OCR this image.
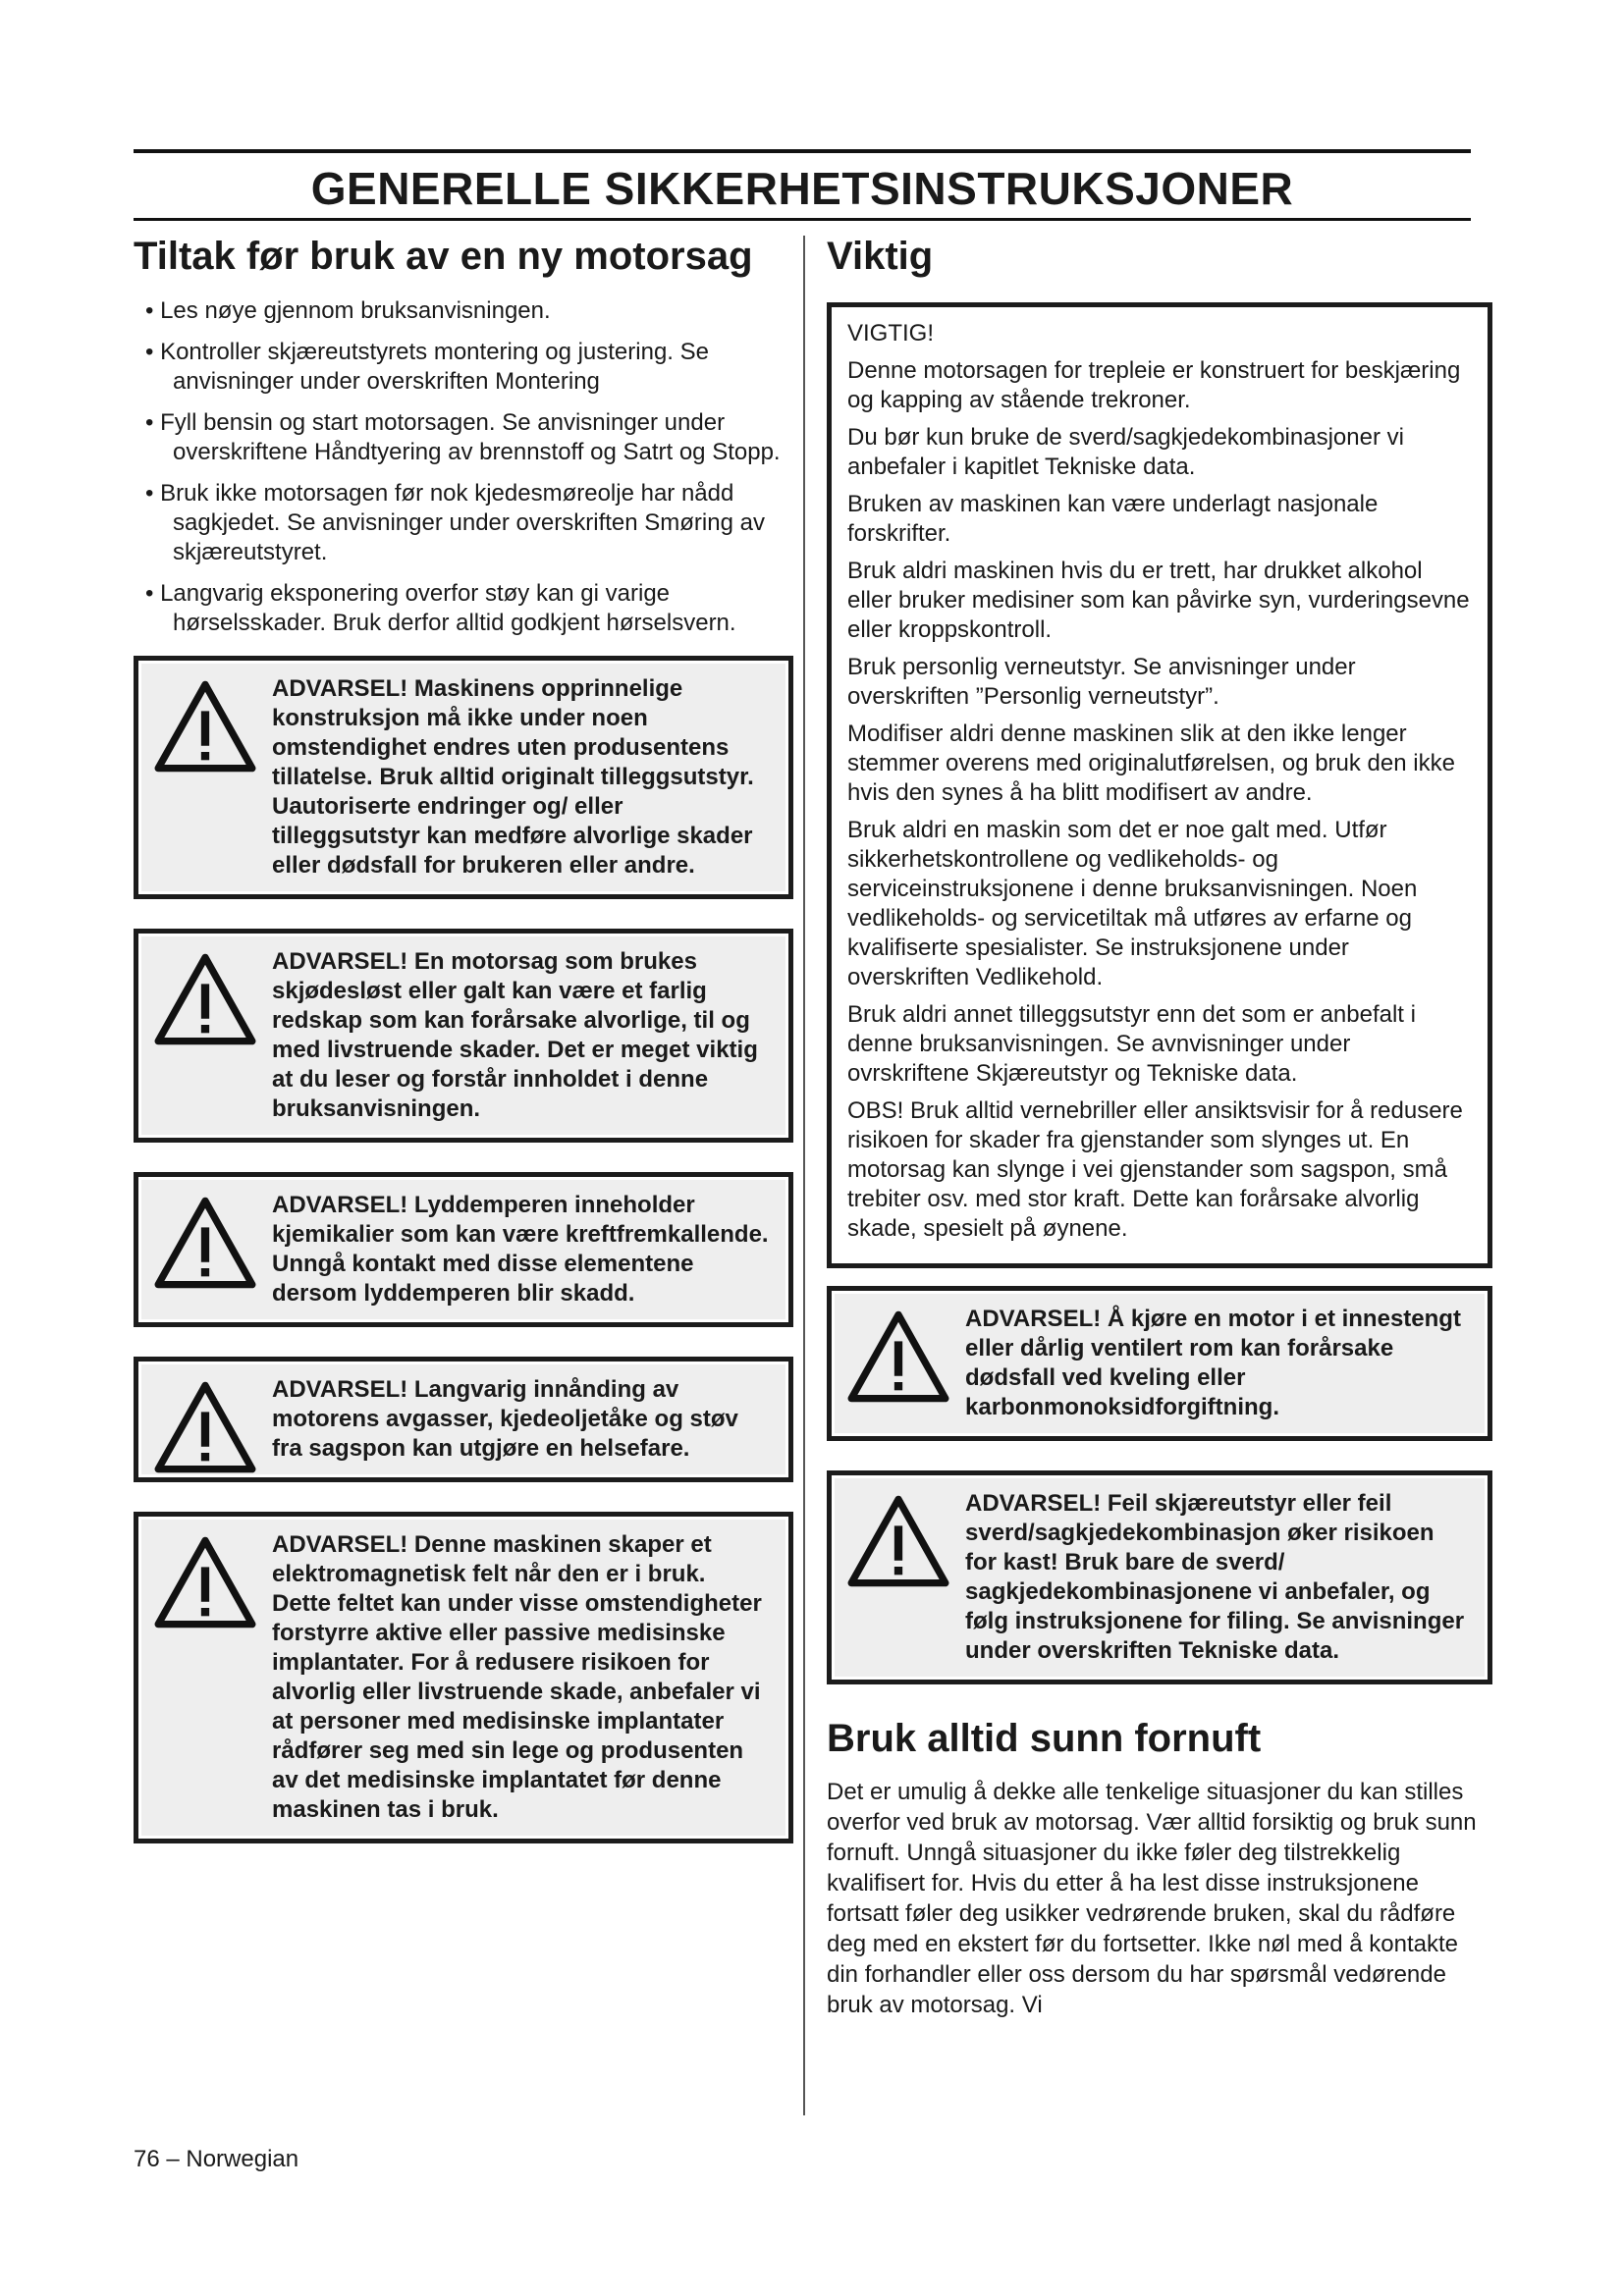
GENERELLE SIKKERHETSINSTRUKSJONER
Tiltak før bruk av en ny motorsag
• Les nøye gjennom bruksanvisningen.
• Kontroller skjæreutstyrets montering og justering. Se anvisninger under overskriften Montering
• Fyll bensin og start motorsagen. Se anvisninger under overskriftene Håndtyering av brennstoff og Satrt og Stopp.
• Bruk ikke motorsagen før nok kjedesmøreolje har nådd sagkjedet. Se anvisninger under overskriften Smøring av skjæreutstyret.
• Langvarig eksponering overfor støy kan gi varige hørselsskader. Bruk derfor alltid godkjent hørselsvern.

ADVARSEL! Maskinens opprinnelige konstruksjon må ikke under noen omstendighet endres uten produsentens tillatelse. Bruk alltid originalt tilleggsutstyr. Uautoriserte endringer og/ eller tilleggsutstyr kan medføre alvorlige skader eller dødsfall for brukeren eller andre.

ADVARSEL! En motorsag som brukes skjødesløst eller galt kan være et farlig redskap som kan forårsake alvorlige, til og med livstruende skader. Det er meget viktig at du leser og forstår innholdet i denne bruksanvisningen.

ADVARSEL! Lyddemperen inneholder kjemikalier som kan være kreftfremkallende. Unngå kontakt med disse elementene dersom lyddemperen blir skadd.

ADVARSEL! Langvarig innånding av motorens avgasser, kjedeoljetåke og støv fra sagspon kan utgjøre en helsefare.

ADVARSEL! Denne maskinen skaper et elektromagnetisk felt når den er i bruk. Dette feltet kan under visse omstendigheter forstyrre aktive eller passive medisinske implantater. For å redusere risikoen for alvorlig eller livstruende skade, anbefaler vi at personer med medisinske implantater rådfører seg med sin lege og produsenten av det medisinske implantatet før denne maskinen tas i bruk.

Viktig

VIGTIG!

Denne motorsagen for trepleie er konstruert for beskjæring og kapping av stående trekroner.

Du bør kun bruke de sverd/sagkjedekombinasjoner vi anbefaler i kapitlet Tekniske data.

Bruken av maskinen kan være underlagt nasjonale forskrifter.

Bruk aldri maskinen hvis du er trett, har drukket alkohol eller bruker medisiner som kan påvirke syn, vurderingsevne eller kroppskontroll.

Bruk personlig verneutstyr. Se anvisninger under overskriften ”Personlig verneutstyr”.

Modifiser aldri denne maskinen slik at den ikke lenger stemmer overens med originalutførelsen, og bruk den ikke hvis den synes å ha blitt modifisert av andre.

Bruk aldri en maskin som det er noe galt med. Utfør sikkerhetskontrollene og vedlikeholds- og serviceinstruksjonene i denne bruksanvisningen. Noen vedlikeholds- og servicetiltak må utføres av erfarne og kvalifiserte spesialister. Se instruksjonene under overskriften Vedlikehold.

Bruk aldri annet tilleggsutstyr enn det som er anbefalt i denne bruksanvisningen. Se avnvisninger under ovrskriftene Skjæreutstyr og Tekniske data.

OBS! Bruk alltid vernebriller eller ansiktsvisir for å redusere risikoen for skader fra gjenstander som slynges ut. En motorsag kan slynge i vei gjenstander som sagspon, små trebiter osv. med stor kraft. Dette kan forårsake alvorlig skade, spesielt på øynene.

ADVARSEL! Å kjøre en motor i et innestengt eller dårlig ventilert rom kan forårsake dødsfall ved kveling eller karbonmonoksidforgiftning.

ADVARSEL! Feil skjæreutstyr eller feil sverd/sagkjedekombinasjon øker risikoen for kast! Bruk bare de sverd/ sagkjedekombinasjonene vi anbefaler, og følg instruksjonene for filing. Se anvisninger under overskriften Tekniske data.

Bruk alltid sunn fornuft

Det er umulig å dekke alle tenkelige situasjoner du kan stilles overfor ved bruk av motorsag. Vær alltid forsiktig og bruk sunn fornuft. Unngå situasjoner du ikke føler deg tilstrekkelig kvalifisert for. Hvis du etter å ha lest disse instruksjonene fortsatt føler deg usikker vedrørende bruken, skal du rådføre deg med en ekstert før du fortsetter. Ikke nøl med å kontakte din forhandler eller oss dersom du har spørsmål vedørende bruk av motorsag. Vi

76 – Norwegian
